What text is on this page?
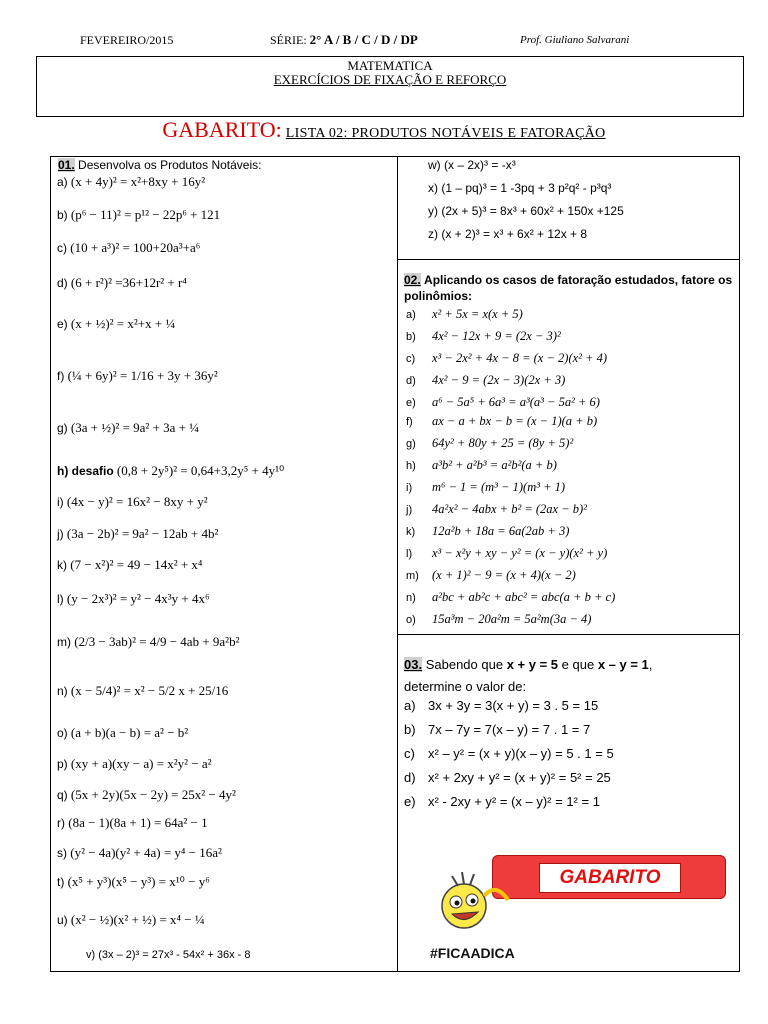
MATEMATICA
EXERCÍCIOS DE FIXAÇÃO E REFORÇO
FEVEREIRO/2015	SÉRIE: 2° A / B / C / D / DP	Prof. Giuliano Salvarani
GABARITO: LISTA 02: PRODUTOS NOTÁVEIS E FATORAÇÃO
01. Desenvolva os Produtos Notáveis:
a) (x + 4y)² = x²+8xy + 16y²
b) (p⁶ − 11)² = p¹² − 22p⁶ + 121
c) (10 + a³)² = 100+20a³+a⁶
d) (6 + r²)² =36+12r² + r⁴
e) (x + ½)² = x²+x + ¼
f) (¼ + 6y)² = 1/16 + 3y + 36y²
g) (3a + ½)² = 9a² + 3a + ¼
h) desafio (0,8 + 2y⁵)² = 0,64+3,2y⁵ + 4y¹⁰
i) (4x − y)² = 16x² − 8xy + y²
j) (3a − 2b)² = 9a² − 12ab + 4b²
k) (7 − x²)² = 49 − 14x² + x⁴
l) (y − 2x³)² = y² − 4x³y + 4x⁶
m) (2/3 − 3ab)² = 4/9 − 4ab + 9a²b²
n) (x − 5/4)² = x² − 5/2 x + 25/16
o) (a + b)(a − b) = a² − b²
p) (xy + a)(xy − a) = x²y² − a²
q) (5x + 2y)(5x − 2y) = 25x² − 4y²
r) (8a − 1)(8a + 1) = 64a² − 1
s) (y² − 4a)(y² + 4a) = y⁴ − 16a²
t) (x⁵ + y³)(x⁵ − y³) = x¹⁰ − y⁶
u) (x² − ½)(x² + ½) = x⁴ − ¼
v) (3x – 2)³ = 27x³ - 54x² + 36x - 8
w) (x – 2x)³ = -x³
x) (1 – pq)³ = 1 -3pq + 3 p²q² - p³q³
y) (2x + 5)³ = 8x³ + 60x² + 150x +125
z) (x + 2)³ = x³ + 6x² + 12x + 8
02. Aplicando os casos de fatoração estudados, fatore os polinômios:
a) x² + 5x = x(x + 5)
b) 4x² − 12x + 9 = (2x − 3)²
c) x³ − 2x² + 4x − 8 = (x − 2)(x² + 4)
d) 4x² − 9 = (2x − 3)(2x + 3)
e) a⁶ − 5a⁵ + 6a³ = a³(a³ − 5a² + 6)
f) ax − a + bx − b = (x − 1)(a + b)
g) 64y² + 80y + 25 = (8y + 5)²
h) a³b² + a²b³ = a²b²(a + b)
i) m⁶ − 1 = (m³ − 1)(m³ + 1)
j) 4a²x² − 4abx + b² = (2ax − b)²
k) 12a²b + 18a = 6a(2ab + 3)
l) x³ − x²y + xy − y² = (x − y)(x² + y)
m) (x + 1)² − 9 = (x + 4)(x − 2)
n) a²bc + ab²c + abc² = abc(a + b + c)
o) 15a³m − 20a²m = 5a²m(3a − 4)
03. Sabendo que x + y = 5 e que x – y = 1,
determine o valor de:
a) 3x + 3y = 3(x + y) = 3 . 5 = 15
b) 7x – 7y = 7(x – y) = 7 . 1 = 7
c) x² – y² = (x + y)(x – y) = 5 . 1 = 5
d) x² + 2xy + y² = (x + y)² = 5² = 25
e) x² - 2xy + y² = (x – y)² = 1² = 1
GABARITO
#FICAADICA
